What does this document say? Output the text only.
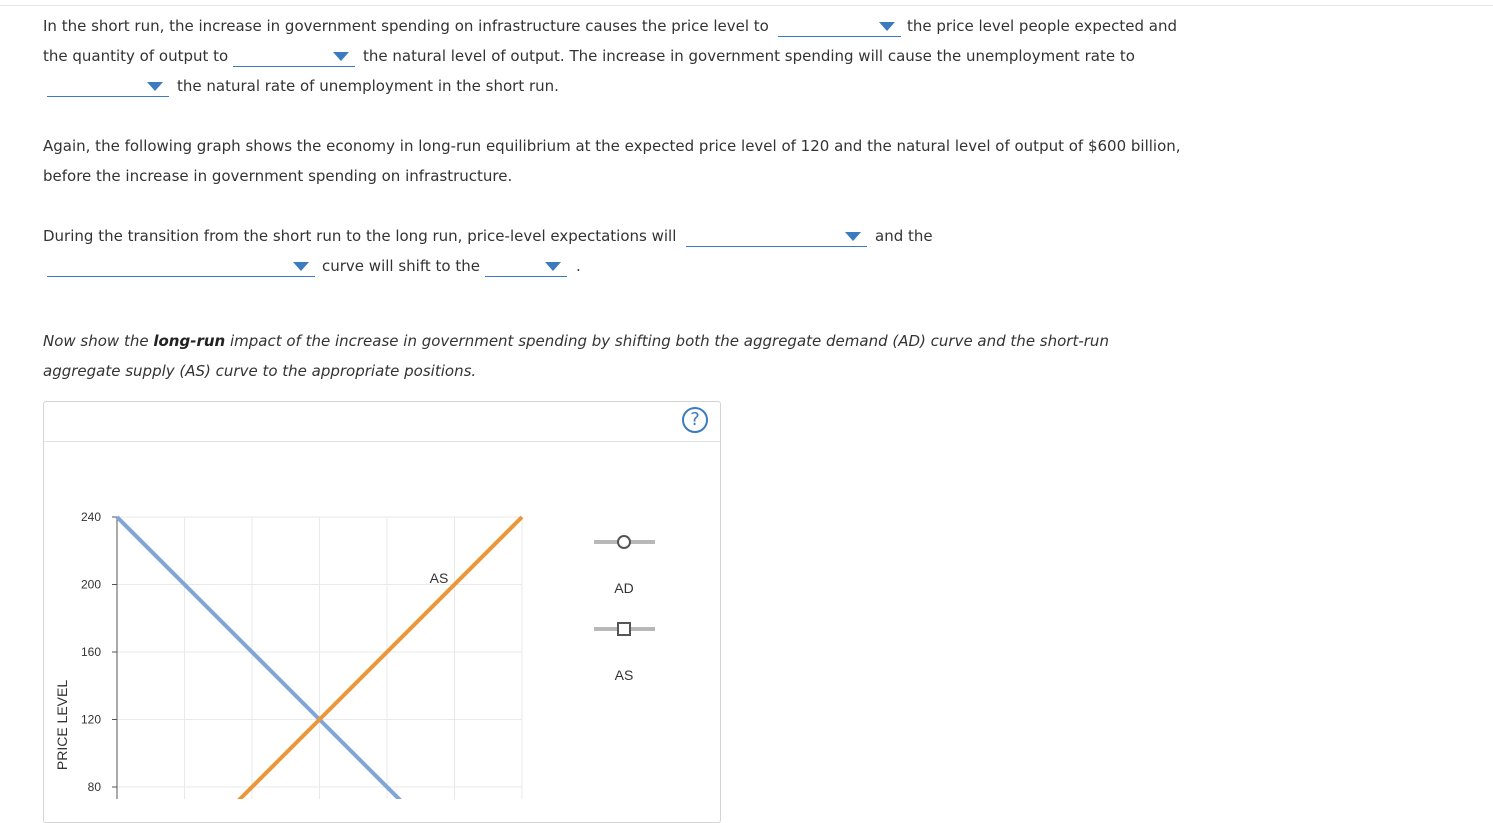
In the short run, the increase in government spending on infrastructure causes the price level to	the price level people expected and
the quantity of output to	the natural level of output. The increase in government spending will cause the unemployment rate to
the natural rate of unemployment in the short run.
Again, the following graph shows the economy in long-run equilibrium at the expected price level of 120 and the natural level of output of $600 billion,
before the increase in government spending on infrastructure.
During the transition from the short run to the long run, price-level expectations will	and the
curve will shift to the	.
Now show the long-run impact of the increase in government spending by shifting both the aggregate demand (AD) curve and the short-run
aggregate supply (AS) curve to the appropriate positions.
?
240
200
160
120
80
PRICE LEVEL
AS
AD
AS
